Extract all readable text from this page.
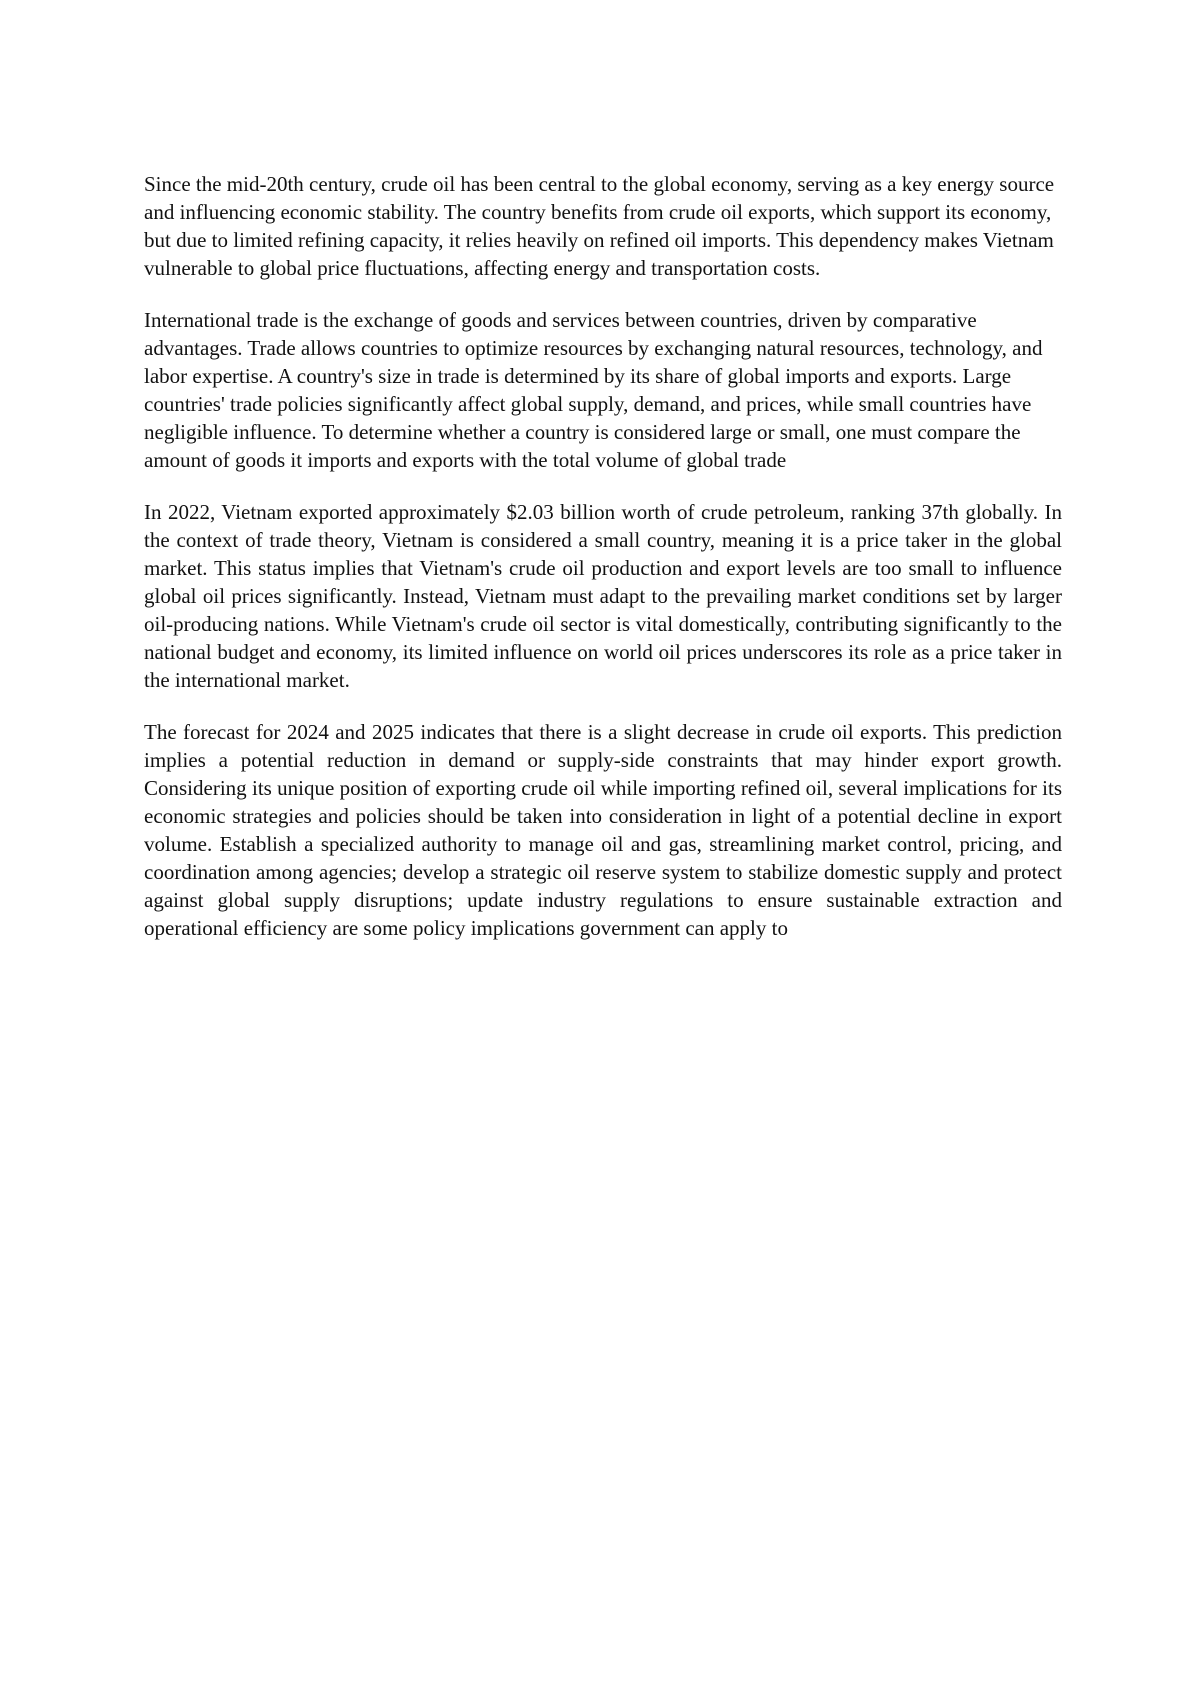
Since the mid-20th century, crude oil has been central to the global economy, serving as a key energy source and influencing economic stability. The country benefits from crude oil exports, which support its economy, but due to limited refining capacity, it relies heavily on refined oil imports. This dependency makes Vietnam vulnerable to global price fluctuations, affecting energy and transportation costs.

International trade is the exchange of goods and services between countries, driven by comparative advantages. Trade allows countries to optimize resources by exchanging natural resources, technology, and labor expertise. A country's size in trade is determined by its share of global imports and exports. Large countries' trade policies significantly affect global supply, demand, and prices, while small countries have negligible influence. To determine whether a country is considered large or small, one must compare the amount of goods it imports and exports with the total volume of global trade

In 2022, Vietnam exported approximately $2.03 billion worth of crude petroleum, ranking 37th globally. In the context of trade theory, Vietnam is considered a small country, meaning it is a price taker in the global market. This status implies that Vietnam's crude oil production and export levels are too small to influence global oil prices significantly. Instead, Vietnam must adapt to the prevailing market conditions set by larger oil-producing nations. While Vietnam's crude oil sector is vital domestically, contributing significantly to the national budget and economy, its limited influence on world oil prices underscores its role as a price taker in the international market.

The forecast for 2024 and 2025 indicates that there is a slight decrease in crude oil exports. This prediction implies a potential reduction in demand or supply-side constraints that may hinder export growth. Considering its unique position of exporting crude oil while importing refined oil, several implications for its economic strategies and policies should be taken into consideration in light of a potential decline in export volume. Establish a specialized authority to manage oil and gas, streamlining market control, pricing, and coordination among agencies; develop a strategic oil reserve system to stabilize domestic supply and protect against global supply disruptions; update industry regulations to ensure sustainable extraction and operational efficiency are some policy implications government can apply to
